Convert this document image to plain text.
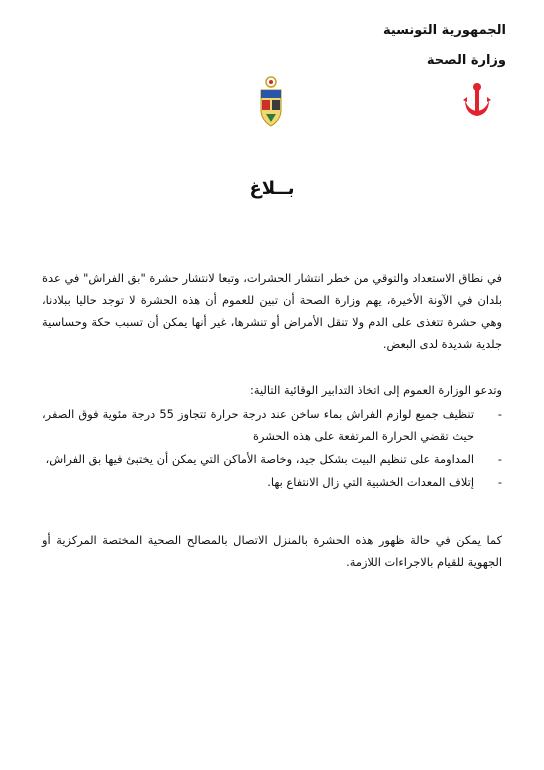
الجمهورية التونسية
وزارة الصحة
بــلاغ

في نطاق الاستعداد والتوقي من خطر انتشار الحشرات، وتبعا لانتشار حشرة "بق الفراش" في عدة بلدان في الآونة الأخيرة، يهم وزارة الصحة أن تبين للعموم أن هذه الحشرة لا توجد حاليا ببلادنا، وهي حشرة تتغذى على الدم ولا تنقل الأمراض أو تنشرها، غير أنها يمكن أن تسبب حكة وحساسية جلدية شديدة لدى البعض.

وتدعو الوزارة العموم إلى اتخاذ التدابير الوقائية التالية:

-
تنظيف جميع لوازم الفراش بماء ساخن عند درجة حرارة تتجاوز 55 درجة مئوية فوق الصفر، حيث تقضي الحرارة المرتفعة على هذه الحشرة
-
المداومة على تنظيم البيت بشكل جيد، وخاصة الأماكن التي يمكن أن يختبئ فيها بق الفراش،
-
إتلاف المعدات الخشبية التي زال الانتفاع بها.

كما يمكن في حالة ظهور هذه الحشرة بالمنزل الاتصال بالمصالح الصحية المختصة المركزية أو الجهوية للقيام بالاجراءات اللازمة.
